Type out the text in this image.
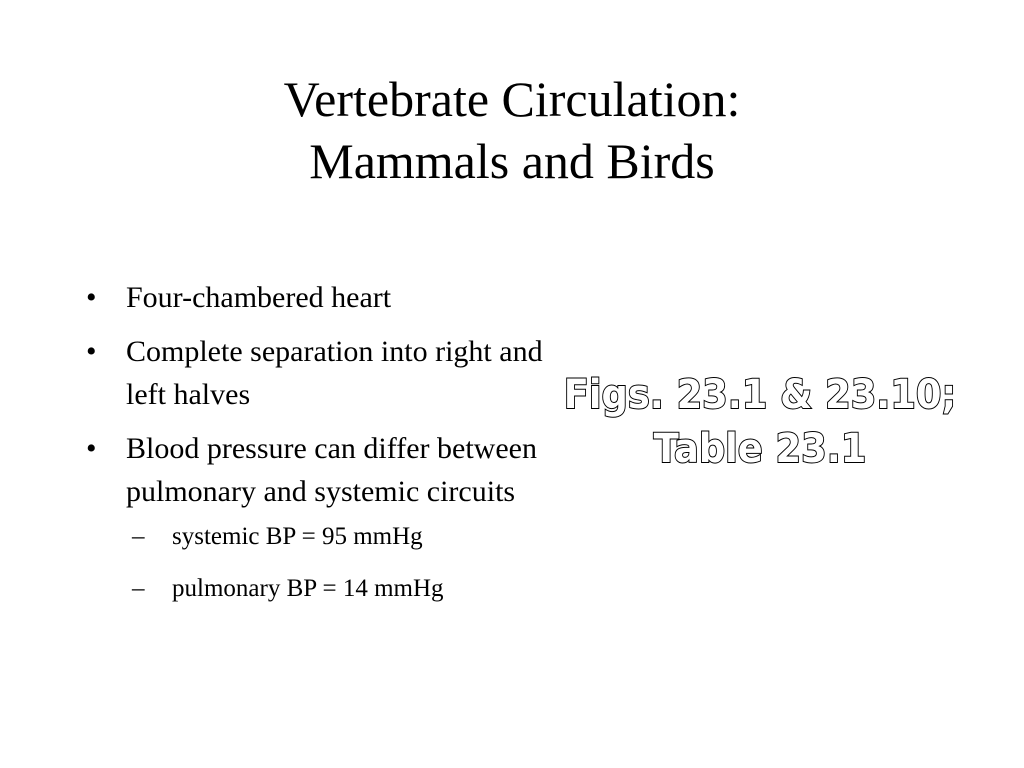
Vertebrate Circulation:
Mammals and Birds
• Four-chambered heart
• Complete separation into right and left halves
• Blood pressure can differ between pulmonary and systemic circuits
– systemic BP = 95 mmHg
– pulmonary BP = 14 mmHg
Figs. 23.1 & 23.10;
Table 23.1
